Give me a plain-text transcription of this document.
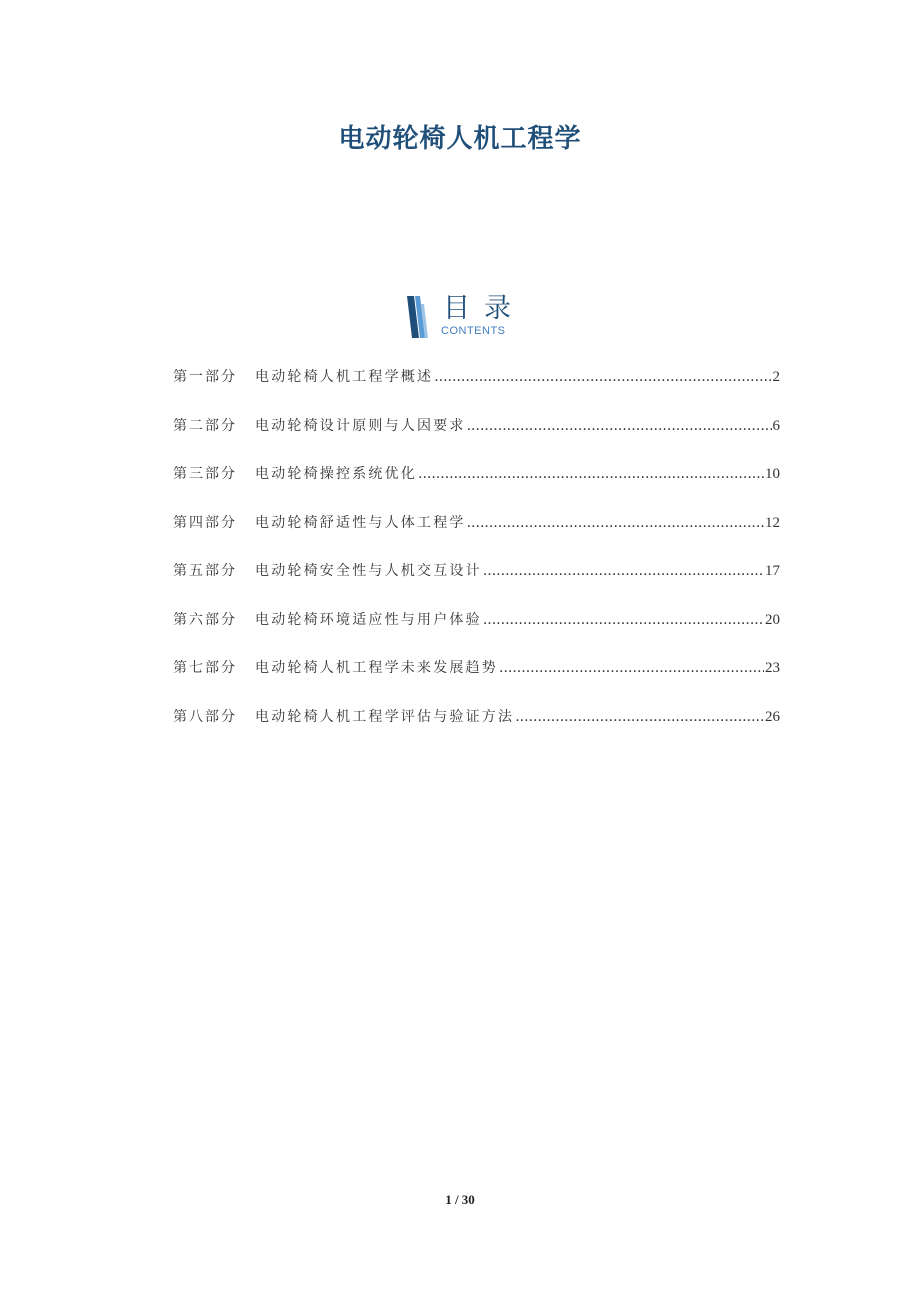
电动轮椅人机工程学
目录
CONTENTS
第一部分	电动轮椅人机工程学概述 .....	2
第二部分	电动轮椅设计原则与人因要求 .....	6
第三部分	电动轮椅操控系统优化 .....	10
第四部分	电动轮椅舒适性与人体工程学 .....	12
第五部分	电动轮椅安全性与人机交互设计 .....	17
第六部分	电动轮椅环境适应性与用户体验 .....	20
第七部分	电动轮椅人机工程学未来发展趋势 .....	23
第八部分	电动轮椅人机工程学评估与验证方法 .....	26
1 / 30
